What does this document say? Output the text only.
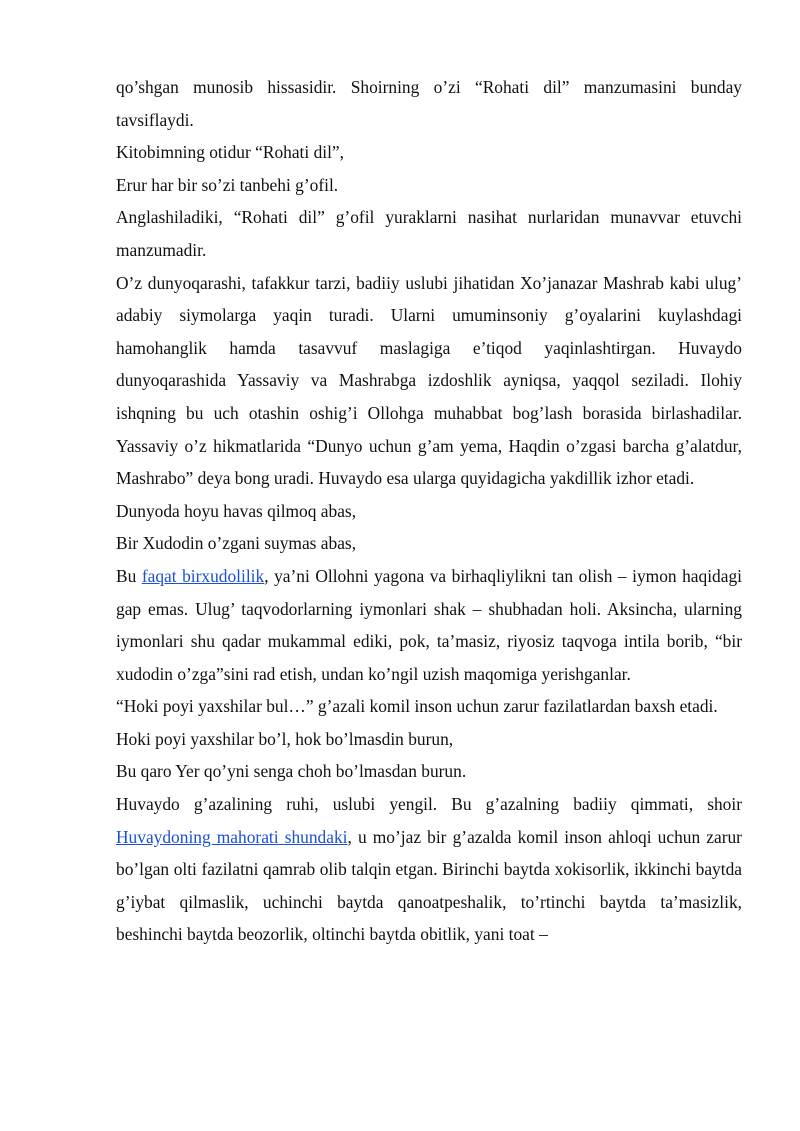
qo’shgan munosib hissasidir. Shoirning o’zi “Rohati dil” manzumasini bunday tavsiflaydi.

Kitobimning otidur “Rohati dil”,

Erur har bir so’zi tanbehi g’ofil.

Anglashiladiki, “Rohati dil” g’ofil yuraklarni nasihat nurlaridan munavvar etuvchi manzumadir.

O’z dunyoqarashi, tafakkur tarzi, badiiy uslubi jihatidan Xo’janazar Mashrab kabi ulug’ adabiy siymolarga yaqin turadi. Ularni umuminsoniy g’oyalarini kuylashdagi hamohanglik hamda tasavvuf maslagiga e’tiqod yaqinlashtirgan. Huvaydo dunyoqarashida Yassaviy va Mashrabga izdoshlik ayniqsa, yaqqol seziladi. Ilohiy ishqning bu uch otashin oshig’i Ollohga muhabbat bog’lash borasida birlashadilar. Yassaviy o’z hikmatlarida “Dunyo uchun g’am yema, Haqdin o’zgasi barcha g’alatdur, Mashrabo” deya bong uradi. Huvaydo esa ularga quyidagicha yakdillik izhor etadi.

Dunyoda hoyu havas qilmoq abas,

Bir Xudodin o’zgani suymas abas,

Bu faqat birxudolilik, ya’ni Ollohni yagona va birhaqliylikni tan olish – iymon haqidagi gap emas. Ulug’ taqvodorlarning iymonlari shak – shubhadan holi. Aksincha, ularning iymonlari shu qadar mukammal ediki, pok, ta’masiz, riyosiz taqvoga intila borib, “bir xudodin o’zga”sini rad etish, undan ko’ngil uzish maqomiga yerishganlar.

“Hoki poyi yaxshilar bul…” g’azali komil inson uchun zarur fazilatlardan baxsh etadi.

Hoki poyi yaxshilar bo’l, hok bo’lmasdin burun,

Bu qaro Yer qo’yni senga choh bo’lmasdan burun.

Huvaydo g’azalining ruhi, uslubi yengil. Bu g’azalning badiiy qimmati, shoir Huvaydoning mahorati shundaki, u mo’jaz bir g’azalda komil inson ahloqi uchun zarur bo’lgan olti fazilatni qamrab olib talqin etgan. Birinchi baytda xokisorlik, ikkinchi baytda g’iybat qilmaslik, uchinchi baytda qanoatpeshalik, to’rtinchi baytda ta’masizlik, beshinchi baytda beozorlik, oltinchi baytda obitlik, yani toat –
